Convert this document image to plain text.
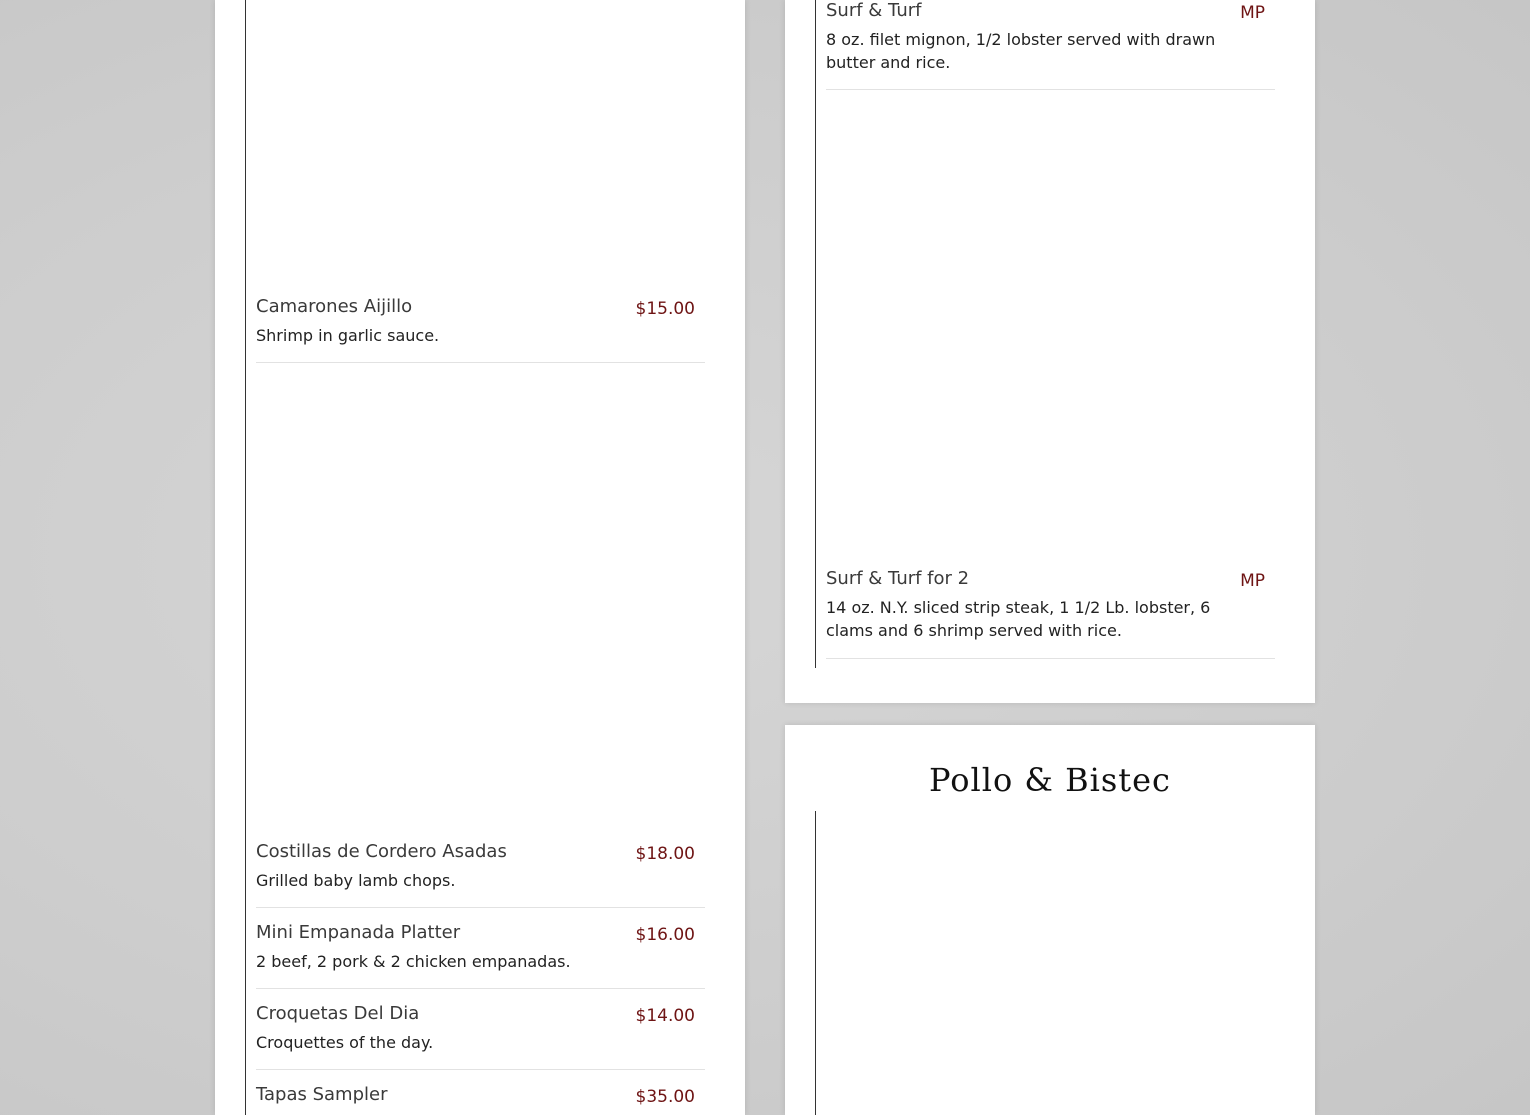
Camarones Aijillo	$15.00
Shrimp in garlic sauce.
Costillas de Cordero Asadas	$18.00
Grilled baby lamb chops.
Mini Empanada Platter	$16.00
2 beef, 2 pork & 2 chicken empanadas.
Croquetas Del Dia	$14.00
Croquettes of the day.
Tapas Sampler	$35.00
Surf & Turf	MP
8 oz. filet mignon, 1/2 lobster served with drawn butter and rice.
Surf & Turf for 2	MP
14 oz. N.Y. sliced strip steak, 1 1/2 Lb. lobster, 6 clams and 6 shrimp served with rice.
Pollo & Bistec
